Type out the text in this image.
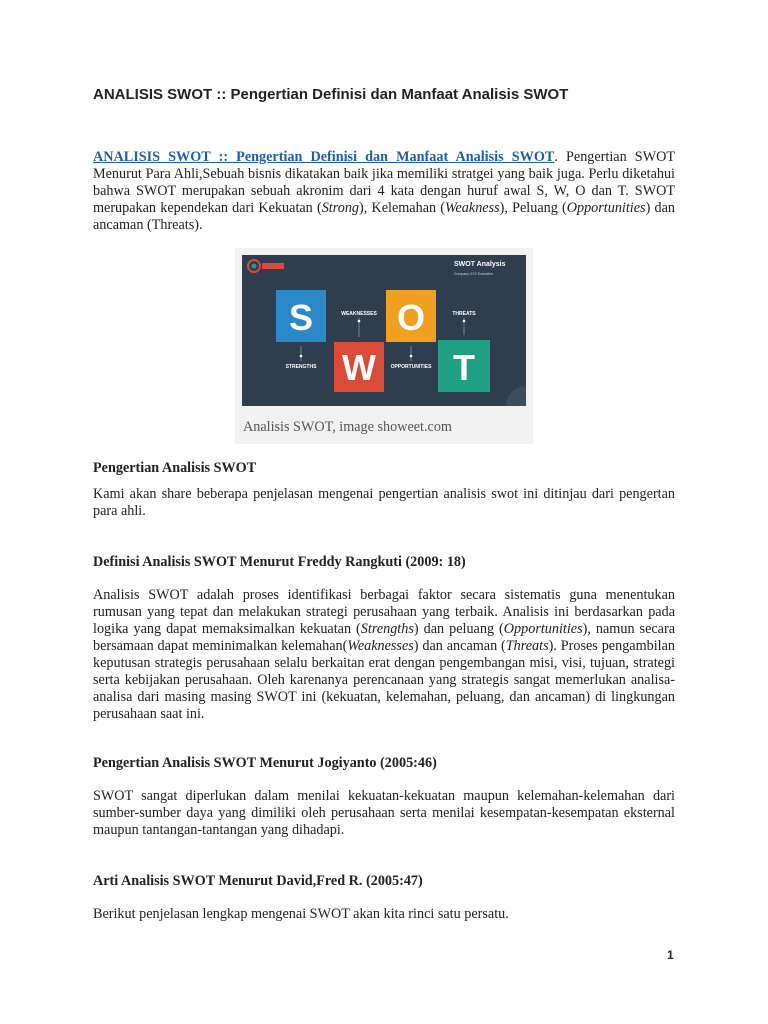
ANALISIS SWOT :: Pengertian Definisi dan Manfaat Analisis SWOT

ANALISIS SWOT :: Pengertian Definisi dan Manfaat Analisis SWOT. Pengertian SWOT Menurut Para Ahli,Sebuah bisnis dikatakan baik jika memiliki stratgei yang baik juga. Perlu diketahui bahwa SWOT merupakan sebuah akronim dari 4 kata dengan huruf awal S, W, O dan T. SWOT merupakan kependekan dari Kekuatan (Strong), Kelemahan (Weakness), Peluang (Opportunities) dan ancaman (Threats).

SWOT Analysis
Company XYZ Executive
S
W
O
T
WEAKNESSES	THREATS
STRENGTHS	OPPORTUNITIES
Analisis SWOT, image showeet.com

Pengertian Analisis SWOT

Kami akan share beberapa penjelasan mengenai pengertian analisis swot ini ditinjau dari pengertan para ahli.

Definisi Analisis SWOT Menurut Freddy Rangkuti (2009: 18)

Analisis SWOT adalah proses identifikasi berbagai faktor secara sistematis guna menentukan rumusan yang tepat dan melakukan strategi perusahaan yang terbaik. Analisis ini berdasarkan pada logika yang dapat memaksimalkan kekuatan (Strengths) dan peluang (Opportunities), namun secara bersamaan dapat meminimalkan kelemahan(Weaknesses) dan ancaman (Threats). Proses pengambilan keputusan strategis perusahaan selalu berkaitan erat dengan pengembangan misi, visi, tujuan, strategi serta kebijakan perusahaan. Oleh karenanya perencanaan yang strategis sangat memerlukan analisa-analisa dari masing masing SWOT ini (kekuatan, kelemahan, peluang, dan ancaman) di lingkungan perusahaan saat ini.

Pengertian Analisis SWOT Menurut Jogiyanto (2005:46)

SWOT sangat diperlukan dalam menilai kekuatan-kekuatan maupun kelemahan-kelemahan dari sumber-sumber daya yang dimiliki oleh perusahaan serta menilai kesempatan-kesempatan eksternal maupun tantangan-tantangan yang dihadapi.

Arti Analisis SWOT Menurut David,Fred R. (2005:47)

Berikut penjelasan lengkap mengenai SWOT akan kita rinci satu persatu.

1
